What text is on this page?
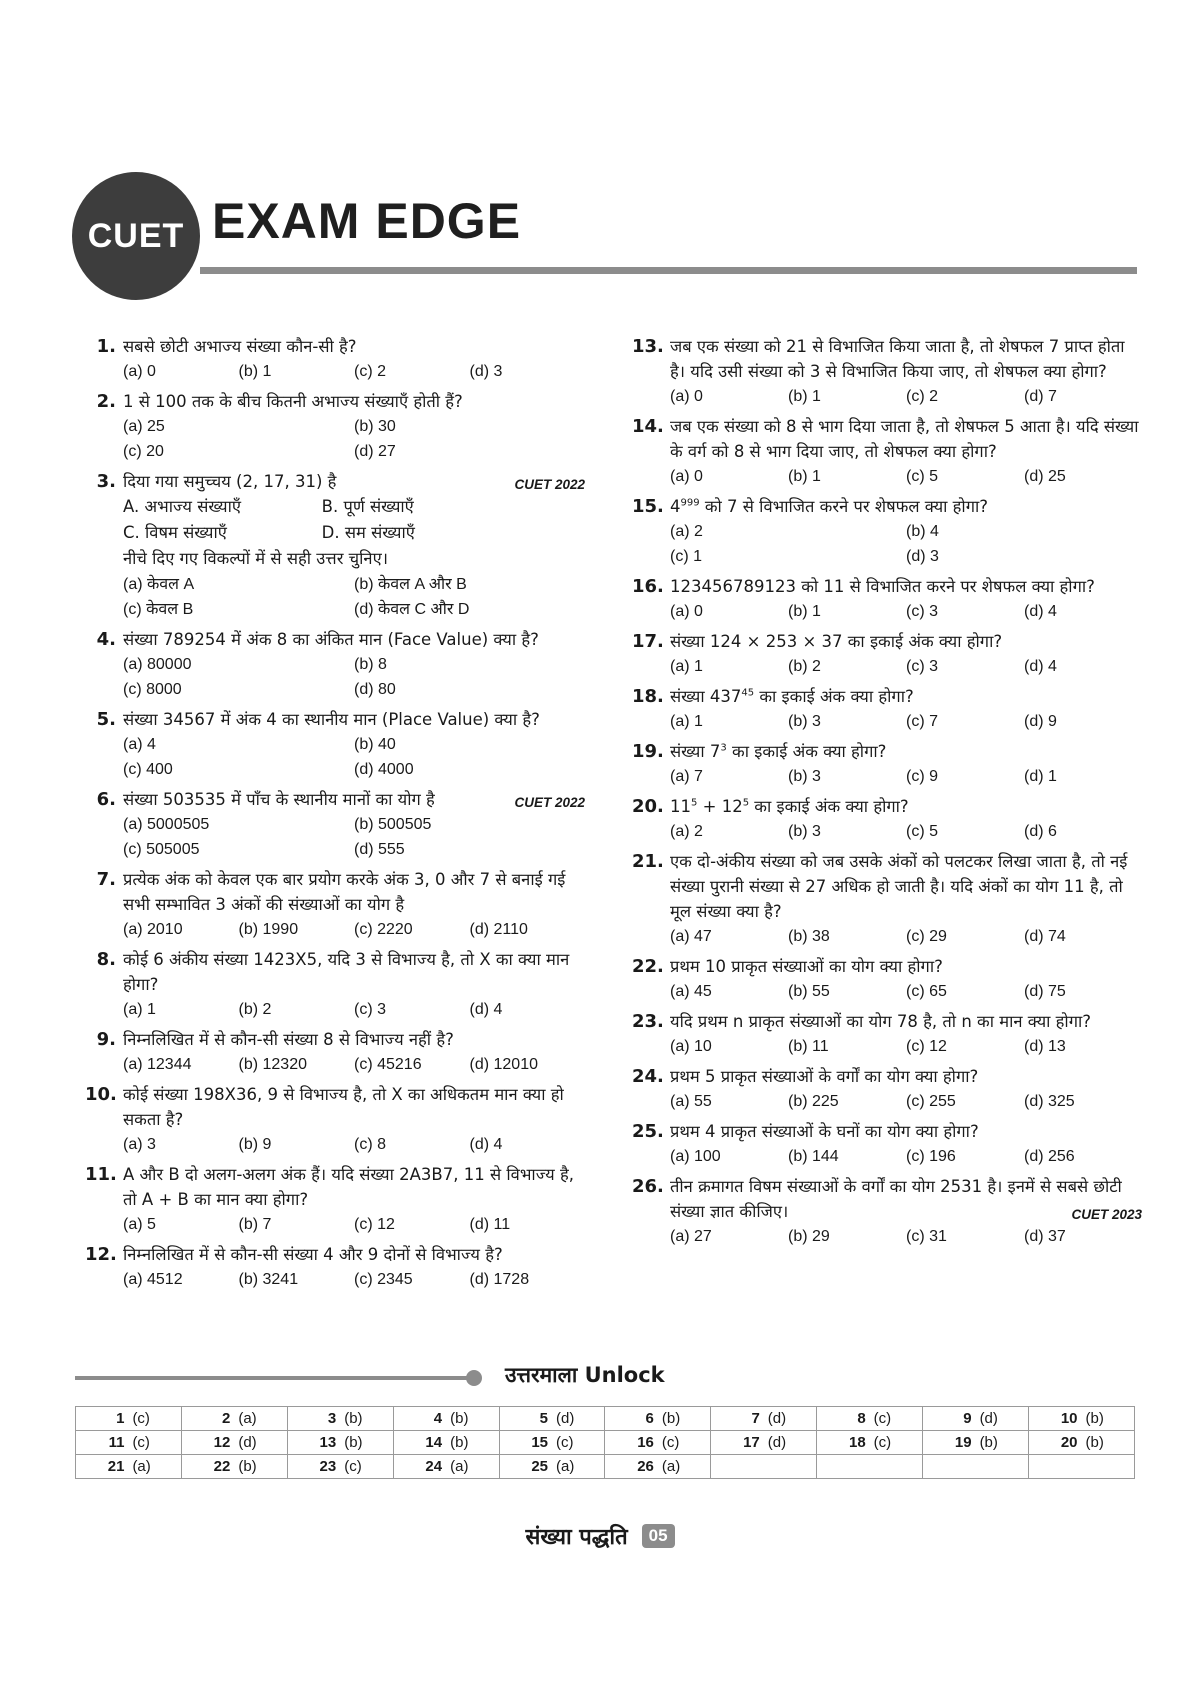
CUET EXAM EDGE
1. सबसे छोटी अभाज्य संख्या कौन-सी है?
(a) 0	(b) 1	(c) 2	(d) 3
2. 1 से 100 तक के बीच कितनी अभाज्य संख्याएँ होती हैं?
(a) 25	(b) 30
(c) 20	(d) 27
3. दिया गया समुच्चय (2, 17, 31) है	CUET 2022
A. अभाज्य संख्याएँ	B. पूर्ण संख्याएँ
C. विषम संख्याएँ	D. सम संख्याएँ
नीचे दिए गए विकल्पों में से सही उत्तर चुनिए।
(a) केवल A	(b) केवल A और B
(c) केवल B	(d) केवल C और D
4. संख्या 789254 में अंक 8 का अंकित मान (Face Value) क्या है?
(a) 80000	(b) 8
(c) 8000	(d) 80
5. संख्या 34567 में अंक 4 का स्थानीय मान (Place Value) क्या है?
(a) 4	(b) 40
(c) 400	(d) 4000
6. संख्या 503535 में पाँच के स्थानीय मानों का योग है	CUET 2022
(a) 5000505	(b) 500505
(c) 505005	(d) 555
7. प्रत्येक अंक को केवल एक बार प्रयोग करके अंक 3, 0 और 7 से बनाई गई सभी सम्भावित 3 अंकों की संख्याओं का योग है
(a) 2010	(b) 1990	(c) 2220	(d) 2110
8. कोई 6 अंकीय संख्या 1423X5, यदि 3 से विभाज्य है, तो X का क्या मान होगा?
(a) 1	(b) 2	(c) 3	(d) 4
9. निम्नलिखित में से कौन-सी संख्या 8 से विभाज्य नहीं है?
(a) 12344	(b) 12320	(c) 45216	(d) 12010
10. कोई संख्या 198X36, 9 से विभाज्य है, तो X का अधिकतम मान क्या हो सकता है?
(a) 3	(b) 9	(c) 8	(d) 4
11. A और B दो अलग-अलग अंक हैं। यदि संख्या 2A3B7, 11 से विभाज्य है, तो A + B का मान क्या होगा?
(a) 5	(b) 7	(c) 12	(d) 11
12. निम्नलिखित में से कौन-सी संख्या 4 और 9 दोनों से विभाज्य है?
(a) 4512	(b) 3241	(c) 2345	(d) 1728
13. जब एक संख्या को 21 से विभाजित किया जाता है, तो शेषफल 7 प्राप्त होता है। यदि उसी संख्या को 3 से विभाजित किया जाए, तो शेषफल क्या होगा?
(a) 0	(b) 1	(c) 2	(d) 7
14. जब एक संख्या को 8 से भाग दिया जाता है, तो शेषफल 5 आता है। यदि संख्या के वर्ग को 8 से भाग दिया जाए, तो शेषफल क्या होगा?
(a) 0	(b) 1	(c) 5	(d) 25
15. $4^{999}$ को 7 से विभाजित करने पर शेषफल क्या होगा?
(a) 2	(b) 4
(c) 1	(d) 3
16. 123456789123 को 11 से विभाजित करने पर शेषफल क्या होगा?
(a) 0	(b) 1	(c) 3	(d) 4
17. संख्या 124 × 253 × 37 का इकाई अंक क्या होगा?
(a) 1	(b) 2	(c) 3	(d) 4
18. संख्या $437^{45}$ का इकाई अंक क्या होगा?
(a) 1	(b) 3	(c) 7	(d) 9
19. संख्या $7^3$ का इकाई अंक क्या होगा?
(a) 7	(b) 3	(c) 9	(d) 1
20. $11^5 + 12^5$ का इकाई अंक क्या होगा?
(a) 2	(b) 3	(c) 5	(d) 6
21. एक दो-अंकीय संख्या को जब उसके अंकों को पलटकर लिखा जाता है, तो नई संख्या पुरानी संख्या से 27 अधिक हो जाती है। यदि अंकों का योग 11 है, तो मूल संख्या क्या है?
(a) 47	(b) 38	(c) 29	(d) 74
22. प्रथम 10 प्राकृत संख्याओं का योग क्या होगा?
(a) 45	(b) 55	(c) 65	(d) 75
23. यदि प्रथम n प्राकृत संख्याओं का योग 78 है, तो n का मान क्या होगा?
(a) 10	(b) 11	(c) 12	(d) 13
24. प्रथम 5 प्राकृत संख्याओं के वर्गों का योग क्या होगा?
(a) 55	(b) 225	(c) 255	(d) 325
25. प्रथम 4 प्राकृत संख्याओं के घनों का योग क्या होगा?
(a) 100	(b) 144	(c) 196	(d) 256
26. तीन क्रमागत विषम संख्याओं के वर्गों का योग 2531 है। इनमें से सबसे छोटी संख्या ज्ञात कीजिए।	CUET 2023
(a) 27	(b) 29	(c) 31	(d) 37
उत्तरमाला Unlock
1 (c)	2 (a)	3 (b)	4 (b)	5 (d)	6 (b)	7 (d)	8 (c)	9 (d)	10 (b)

11 (c)	12 (d)	13 (b)	14 (b)	15 (c)	16 (c)	17 (d)	18 (c)	19 (b)	20 (b)

21 (a)	22 (b)	23 (c)	24 (a)	25 (a)	26 (a)				

संख्या पद्धति	05
